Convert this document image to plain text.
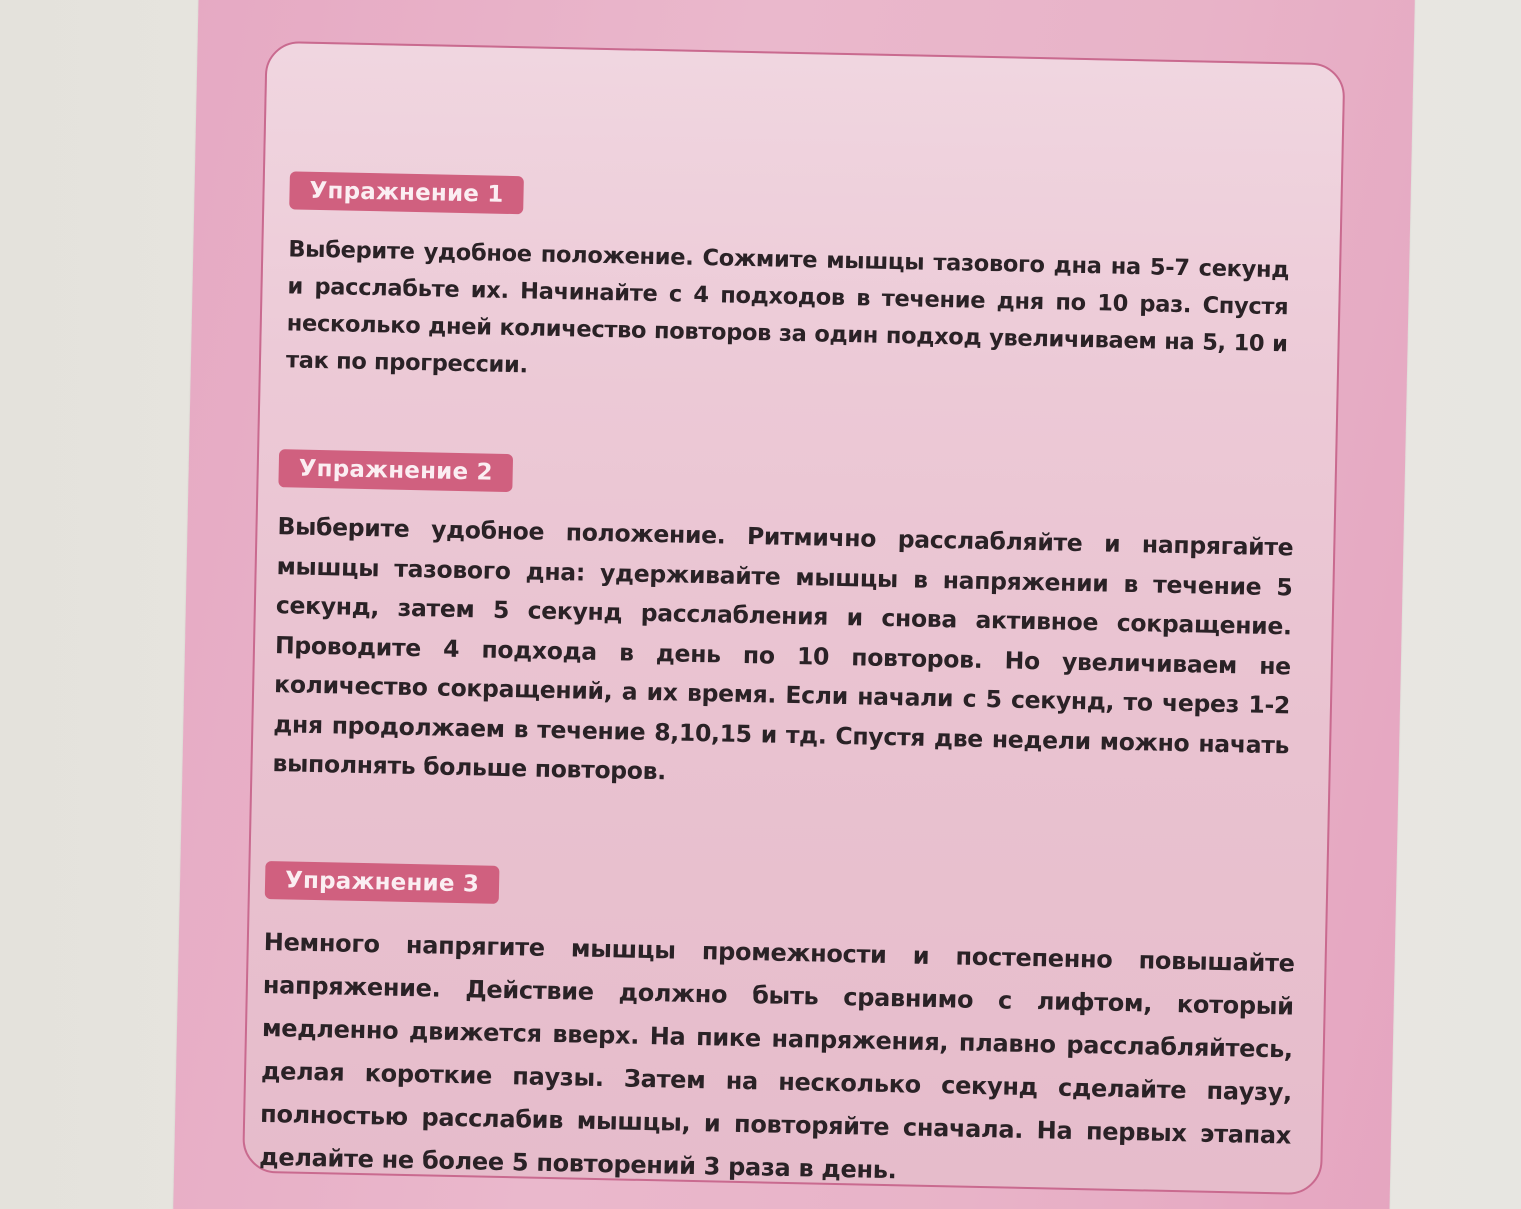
Упражнение 1

Выберите удобное положение. Сожмите мышцы тазового дна на 5-7 секунд и расслабьте их. Начинайте с 4 подходов в течение дня по 10 раз. Спустя несколько дней количество повторов за один подход увеличиваем на 5, 10 и так по прогрессии.

Упражнение 2

Выберите удобное положение. Ритмично расслабляйте и напрягайте мышцы тазового дна: удерживайте мышцы в напряжении в течение 5 секунд, затем 5 секунд расслабления и снова активное сокращение. Проводите 4 подхода в день по 10 повторов. Но увеличиваем не количество сокращений, а их время. Если начали с 5 секунд, то через 1-2 дня продолжаем в течение 8,10,15 и тд. Спустя две недели можно начать выполнять больше повторов.

Упражнение 3

Немного напрягите мышцы промежности и постепенно повышайте напряжение. Действие должно быть сравнимо с лифтом, который медленно движется вверх. На пике напряжения, плавно расслабляйтесь, делая короткие паузы. Затем на несколько секунд сделайте паузу, полностью расслабив мышцы, и повторяйте сначала. На первых этапах делайте не более 5 повторений 3 раза в день.
